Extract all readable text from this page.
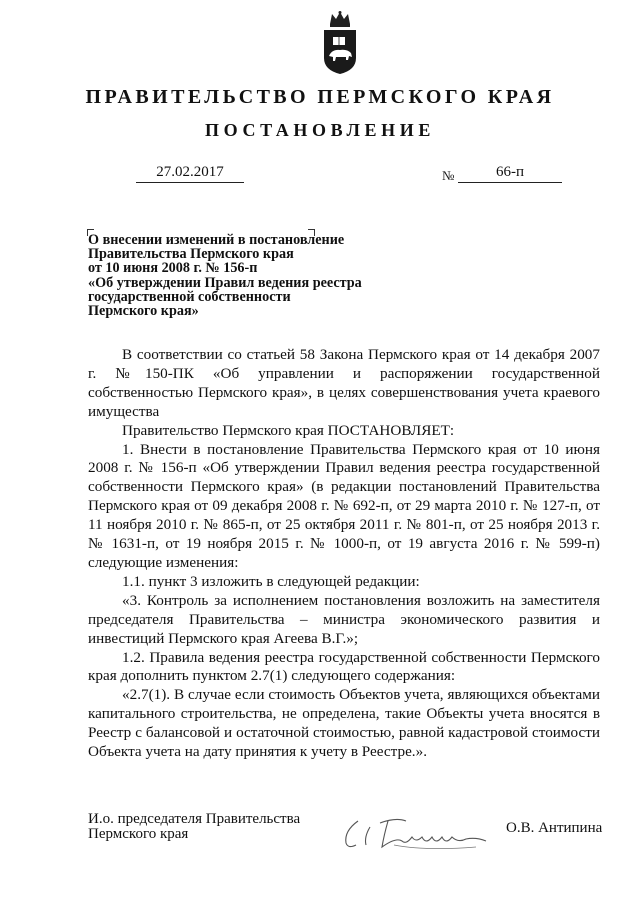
ПРАВИТЕЛЬСТВО ПЕРМСКОГО КРАЯ
ПОСТАНОВЛЕНИЕ
27.02.2017	№	66-п
О внесении изменений в постановление
Правительства Пермского края
от 10 июня 2008 г. № 156-п
«Об утверждении Правил ведения реестра
государственной собственности
Пермского края»

В соответствии со статьей 58 Закона Пермского края от 14 декабря 2007 г. №150-ПК «Об управлении и распоряжении государственной собственностью Пермского края», в целях совершенствования учета краевого имущества

Правительство Пермского края ПОСТАНОВЛЯЕТ:

1. Внести в постановление Правительства Пермского края от 10 июня 2008 г. № 156-п «Об утверждении Правил ведения реестра государственной собственности Пермского края» (в редакции постановлений Правительства Пермского края от 09 декабря 2008 г. № 692-п, от 29 марта 2010 г. № 127-п, от 11 ноября 2010 г. № 865-п, от 25 октября 2011 г. № 801-п, от 25 ноября 2013 г. № 1631-п, от 19 ноября 2015 г. № 1000-п, от 19 августа 2016 г. № 599-п) следующие изменения:

1.1. пункт 3 изложить в следующей редакции:

«3. Контроль за исполнением постановления возложить на заместителя председателя Правительства – министра экономического развития и инвестиций Пермского края Агеева В.Г.»;

1.2. Правила ведения реестра государственной собственности Пермского края дополнить пунктом 2.7(1) следующего содержания:

«2.7(1). В случае если стоимость Объектов учета, являющихся объектами капитального строительства, не определена, такие Объекты учета вносятся в Реестр с балансовой и остаточной стоимостью, равной кадастровой стоимости Объекта учета на дату принятия к учету в Реестре.».

И.о. председателя Правительства
Пермского края	О.В. Антипина
